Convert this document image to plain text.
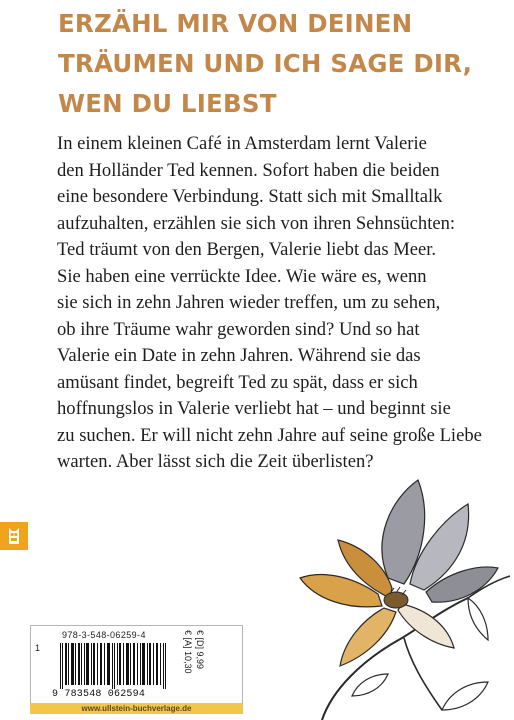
ERZÄHL MIR VON DEINEN
TRÄUMEN UND ICH SAGE DIR,
WEN DU LIEBST
In einem kleinen Café in Amsterdam lernt Valerie
den Holländer Ted kennen. Sofort haben die beiden
eine besondere Verbindung. Statt sich mit Smalltalk
aufzuhalten, erzählen sie sich von ihren Sehnsüchten:
Ted träumt von den Bergen, Valerie liebt das Meer.
Sie haben eine verrückte Idee. Wie wäre es, wenn
sie sich in zehn Jahren wieder treffen, um zu sehen,
ob ihre Träume wahr geworden sind? Und so hat
Valerie ein Date in zehn Jahren. Während sie das
amüsant findet, begreift Ted zu spät, dass er sich
hoffnungslos in Valerie verliebt hat – und beginnt sie
zu suchen. Er will nicht zehn Jahre auf seine große Liebe
warten. Aber lässt sich die Zeit überlisten?
978-3-548-06259-4
1
9 783548 062594
€ [D] 9,99
€ [A] 10,30
www.ullstein-buchverlage.de
